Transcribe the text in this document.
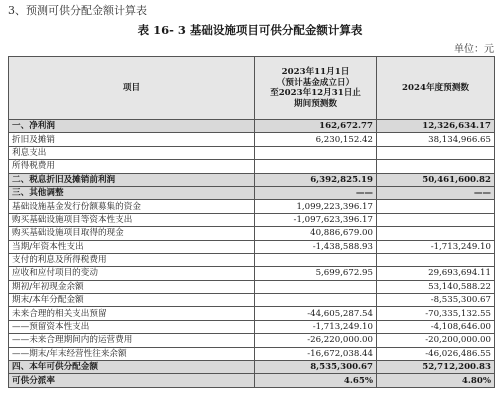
3、预测可供分配金额计算表
表 16- 3 基础设施项目可供分配金额计算表
单位：元
项目	2023年11月1日
（预计基金成立日）
至2023年12月31日止
期间预测数	2024年度预测数
一、净利润	162,672.77	12,326,634.17
折旧及摊销	6,230,152.42	38,134,966.65
利息支出		
所得税费用		
二、税息折旧及摊销前利润	6,392,825.19	50,461,600.82
三、其他调整	——	——
基础设施基金发行份额募集的资金	1,099,223,396.17	
购买基础设施项目等资本性支出	-1,097,623,396.17	
购买基础设施项目取得的现金	40,886,679.00	
当期/年资本性支出	-1,438,588.93	-1,713,249.10
支付的利息及所得税费用		
应收和应付项目的变动	5,699,672.95	29,693,694.11
期初/年初现金余额		53,140,588.22
期末/本年分配金额		-8,535,300.67
未来合理的相关支出预留	-44,605,287.54	-70,335,132.55
——预留资本性支出	-1,713,249.10	-4,108,646.00
——未来合理期间内的运营费用	-26,220,000.00	-20,200,000.00
——期末/年末经营性往来余额	-16,672,038.44	-46,026,486.55
四、本年可供分配金额	8,535,300.67	52,712,200.83
可供分派率	4.65%	4.80%
